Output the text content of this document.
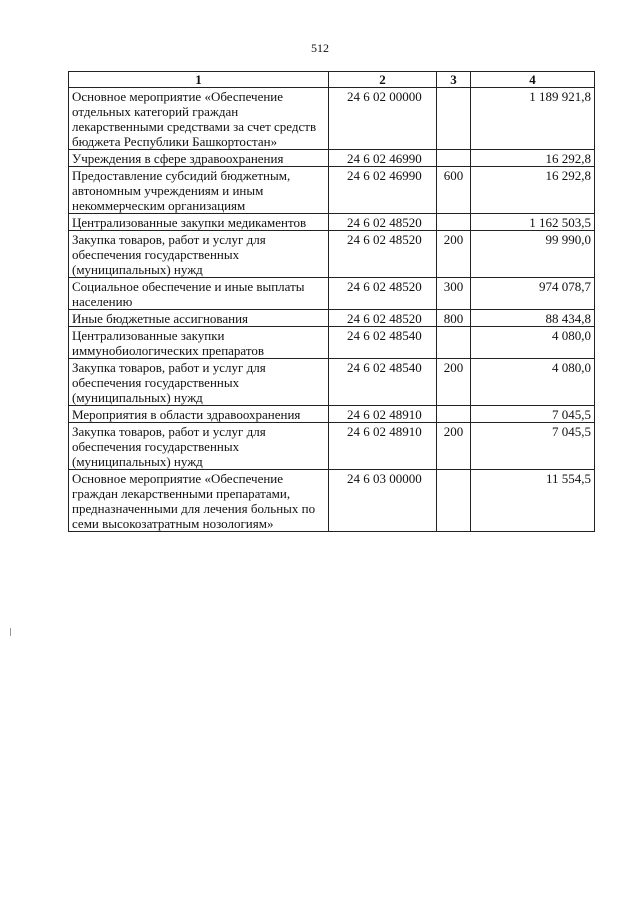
512
1	2	3	4
Основное мероприятие «Обеспечение отдельных категорий граждан лекарственными средствами за счет средств бюджета Республики Башкортостан»	24 6 02 00000		1 189 921,8
Учреждения в сфере здравоохранения	24 6 02 46990		16 292,8
Предоставление субсидий бюджетным, автономным учреждениям и иным некоммерческим организациям	24 6 02 46990	600	16 292,8
Централизованные закупки медикаментов	24 6 02 48520		1 162 503,5
Закупка товаров, работ и услуг для обеспечения государственных (муниципальных) нужд	24 6 02 48520	200	99 990,0
Социальное обеспечение и иные выплаты населению	24 6 02 48520	300	974 078,7
Иные бюджетные ассигнования	24 6 02 48520	800	88 434,8
Централизованные закупки иммунобиологических препаратов	24 6 02 48540		4 080,0
Закупка товаров, работ и услуг для обеспечения государственных (муниципальных) нужд	24 6 02 48540	200	4 080,0
Мероприятия в области здравоохранения	24 6 02 48910		7 045,5
Закупка товаров, работ и услуг для обеспечения государственных (муниципальных) нужд	24 6 02 48910	200	7 045,5
Основное мероприятие «Обеспечение граждан лекарственными препаратами, предназначенными для лечения больных по семи высокозатратным нозологиям»	24 6 03 00000		11 554,5
